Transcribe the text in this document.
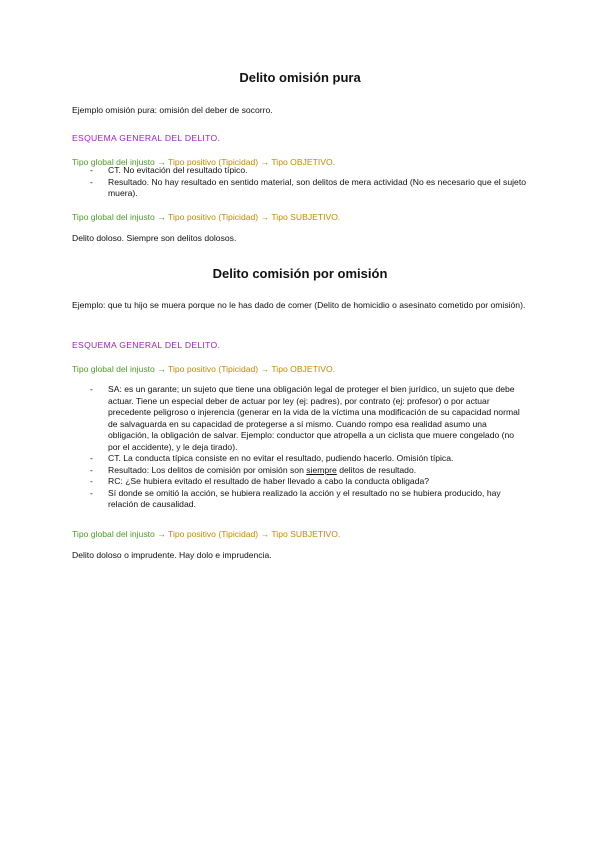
Delito omisión pura

Ejemplo omisión pura: omisión del deber de socorro.

ESQUEMA GENERAL DEL DELITO.
Tipo global del injusto → Tipo positivo (Tipicidad) → Tipo OBJETIVO.
- CT. No evitación del resultado típico.
- Resultado. No hay resultado en sentido material, son delitos de mera actividad (No es necesario que el sujeto muera).
Tipo global del injusto → Tipo positivo (Tipicidad) → Tipo SUBJETIVO.

Delito doloso. Siempre son delitos dolosos.

Delito comisión por omisión

Ejemplo: que tu hijo se muera porque no le has dado de comer (Delito de homicidio o asesinato cometido por omisión).

ESQUEMA GENERAL DEL DELITO.
Tipo global del injusto → Tipo positivo (Tipicidad) → Tipo OBJETIVO.
- SA: es un garante; un sujeto que tiene una obligación legal de proteger el bien jurídico, un sujeto que debe actuar. Tiene un especial deber de actuar por ley (ej: padres), por contrato (ej: profesor) o por actuar precedente peligroso o injerencia (generar en la vida de la víctima una modificación de su capacidad normal de salvaguarda en su capacidad de protegerse a sí mismo. Cuando rompo esa realidad asumo una obligación, la obligación de salvar. Ejemplo: conductor que atropella a un ciclista que muere congelado (no por el accidente), y le deja tirado).
- CT. La conducta típica consiste en no evitar el resultado, pudiendo hacerlo. Omisión típica.
- Resultado: Los delitos de comisión por omisión son siempre delitos de resultado.
- RC: ¿Se hubiera evitado el resultado de haber llevado a cabo la conducta obligada?
- Sí donde se omitió la acción, se hubiera realizado la acción y el resultado no se hubiera producido, hay relación de causalidad.
Tipo global del injusto → Tipo positivo (Tipicidad) → Tipo SUBJETIVO.

Delito doloso o imprudente. Hay dolo e imprudencia.
